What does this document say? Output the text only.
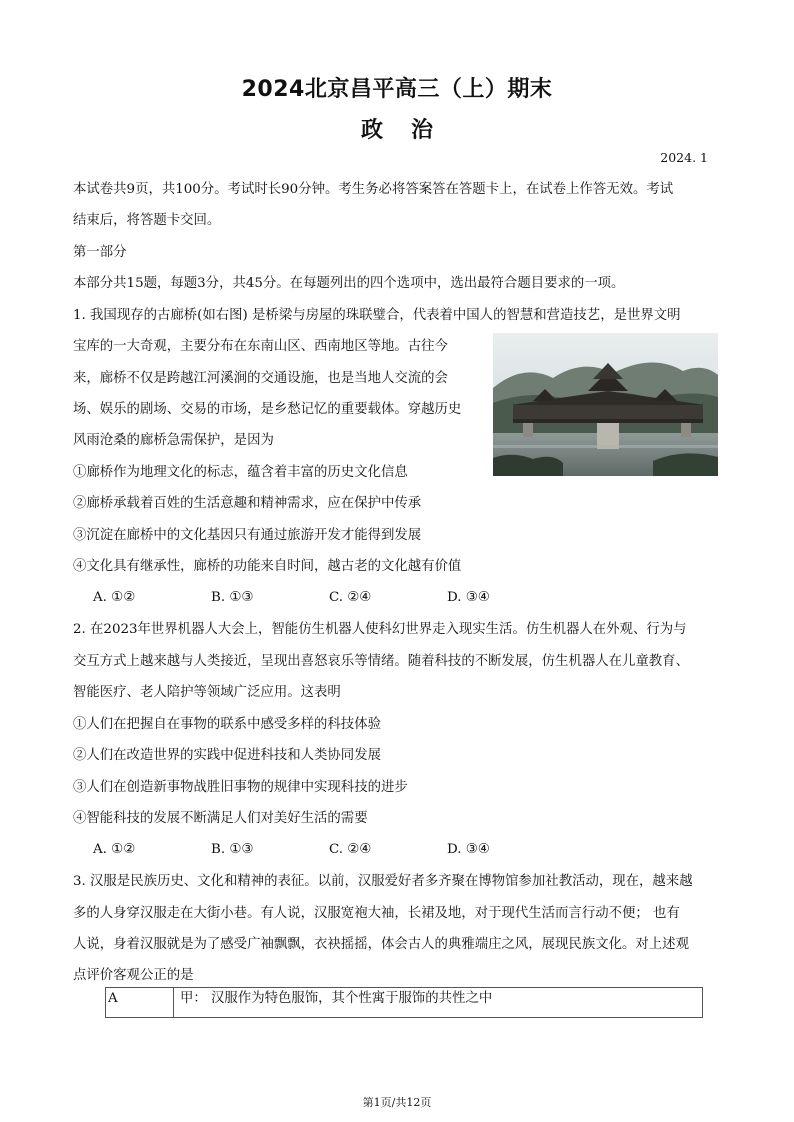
2024北京昌平高三（上）期末
政治
2024. 1
本试卷共9页，共100分。考试时长90分钟。考生务必将答案答在答题卡上，在试卷上作答无效。考试
结束后，将答题卡交回。
第一部分
本部分共15题，每题3分，共45分。在每题列出的四个选项中，选出最符合题目要求的一项。
1. 我国现存的古廊桥(如右图) 是桥梁与房屋的珠联璧合，代表着中国人的智慧和营造技艺，是世界文明
宝库的一大奇观，主要分布在东南山区、西南地区等地。古往今
来，廊桥不仅是跨越江河溪涧的交通设施，也是当地人交流的会
场、娱乐的剧场、交易的市场，是乡愁记忆的重要载体。穿越历史
风雨沧桑的廊桥急需保护，是因为
①廊桥作为地理文化的标志，蕴含着丰富的历史文化信息
②廊桥承载着百姓的生活意趣和精神需求，应在保护中传承
③沉淀在廊桥中的文化基因只有通过旅游开发才能得到发展
④文化具有继承性，廊桥的功能来自时间，越古老的文化越有价值
A. ①②	B. ①③	C. ②④	D. ③④
2. 在2023年世界机器人大会上，智能仿生机器人使科幻世界走入现实生活。仿生机器人在外观、行为与
交互方式上越来越与人类接近，呈现出喜怒哀乐等情绪。随着科技的不断发展，仿生机器人在儿童教育、
智能医疗、老人陪护等领域广泛应用。这表明
①人们在把握自在事物的联系中感受多样的科技体验
②人们在改造世界的实践中促进科技和人类协同发展
③人们在创造新事物战胜旧事物的规律中实现科技的进步
④智能科技的发展不断满足人们对美好生活的需要
A. ①②	B. ①③	C. ②④	D. ③④
3. 汉服是民族历史、文化和精神的表征。以前，汉服爱好者多齐聚在博物馆参加社教活动，现在，越来越
多的人身穿汉服走在大街小巷。有人说，汉服宽袍大袖，长裙及地，对于现代生活而言行动不便； 也有
人说，身着汉服就是为了感受广袖飘飘，衣袂摇摇，体会古人的典雅端庄之风，展现民族文化。对上述观
点评价客观公正的是
A	甲： 汉服作为特色服饰，其个性寓于服饰的共性之中
第1页/共12页
